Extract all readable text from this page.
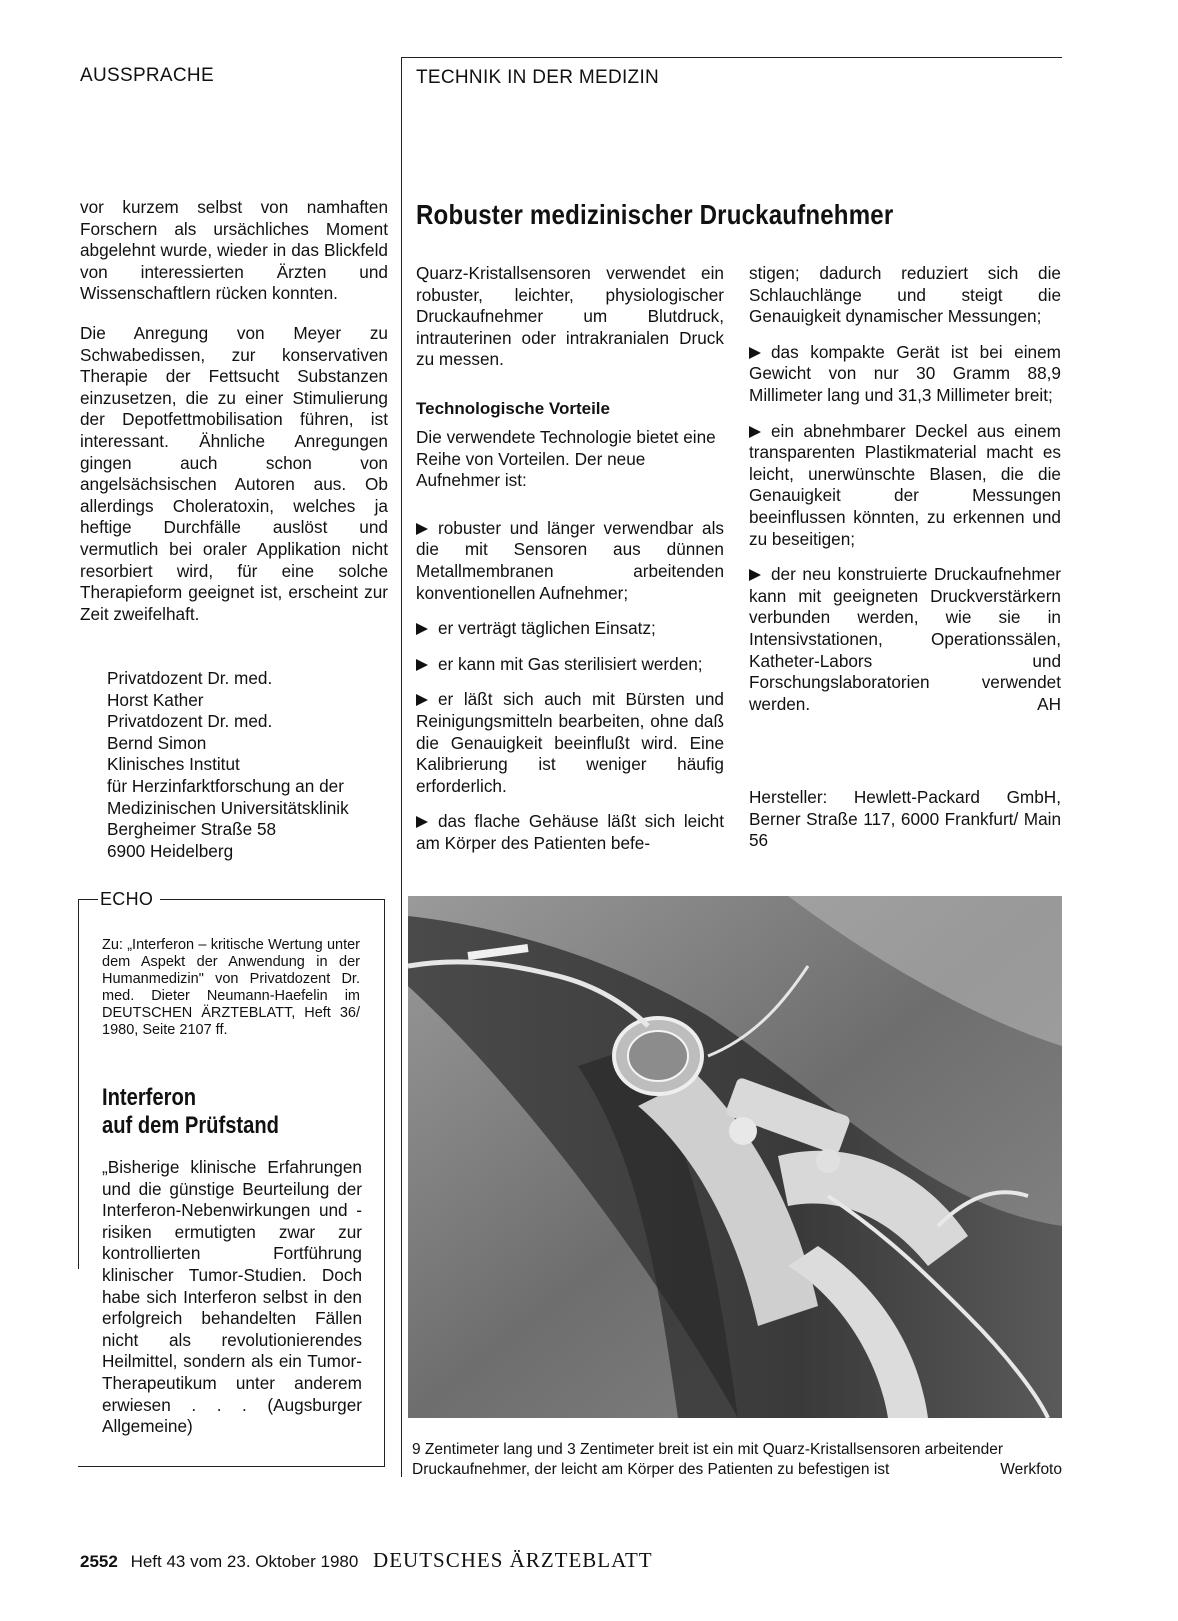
AUSSPRACHE	TECHNIK IN DER MEDIZIN

vor kurzem selbst von namhaften Forschern als ursächliches Moment abgelehnt wurde, wieder in das Blickfeld von interessierten Ärzten und Wissenschaftlern rücken konnten.

Die Anregung von Meyer zu Schwabedissen, zur konservativen Therapie der Fettsucht Substanzen einzusetzen, die zu einer Stimulierung der Depotfettmobilisation führen, ist interessant. Ähnliche Anregungen gingen auch schon von angelsächsischen Autoren aus. Ob allerdings Choleratoxin, welches ja heftige Durchfälle auslöst und vermutlich bei oraler Applikation nicht resorbiert wird, für eine solche Therapieform geeignet ist, erscheint zur Zeit zweifelhaft.

Privatdozent Dr. med.
Horst Kather
Privatdozent Dr. med.
Bernd Simon
Klinisches Institut
für Herzinfarktforschung an der
Medizinischen Universitätsklinik
Bergheimer Straße 58
6900 Heidelberg
ECHO

Zu: „Interferon – kritische Wertung unter dem Aspekt der Anwendung in der Humanmedizin" von Privatdozent Dr. med. Dieter Neumann-Haefelin im DEUTSCHEN ÄRZTEBLATT, Heft 36/ 1980, Seite 2107 ff.

Interferon
auf dem Prüfstand

„Bisherige klinische Erfahrungen und die günstige Beurteilung der Interferon-Nebenwirkungen und -risiken ermutigten zwar zur kontrollierten Fortführung klinischer Tumor-Studien. Doch habe sich Interferon selbst in den erfolgreich behandelten Fällen nicht als revolutionierendes Heilmittel, sondern als ein Tumor-Therapeutikum unter anderem erwiesen . . . (Augsburger Allgemeine)

Robuster medizinischer Druckaufnehmer

Quarz-Kristallsensoren verwendet ein robuster, leichter, physiologischer Druckaufnehmer um Blutdruck, intrauterinen oder intrakranialen Druck zu messen.

Technologische Vorteile

Die verwendete Technologie bietet eine Reihe von Vorteilen. Der neue Aufnehmer ist:

robuster und länger verwendbar als die mit Sensoren aus dünnen Metallmembranen arbeitenden konventionellen Aufnehmer;

er verträgt täglichen Einsatz;

er kann mit Gas sterilisiert werden;

er läßt sich auch mit Bürsten und Reinigungsmitteln bearbeiten, ohne daß die Genauigkeit beeinflußt wird. Eine Kalibrierung ist weniger häufig erforderlich.

das flache Gehäuse läßt sich leicht am Körper des Patienten befe-

stigen; dadurch reduziert sich die Schlauchlänge und steigt die Genauigkeit dynamischer Messungen;

das kompakte Gerät ist bei einem Gewicht von nur 30 Gramm 88,9 Millimeter lang und 31,3 Millimeter breit;

ein abnehmbarer Deckel aus einem transparenten Plastikmaterial macht es leicht, unerwünschte Blasen, die die Genauigkeit der Messungen beeinflussen könnten, zu erkennen und zu beseitigen;

der neu konstruierte Druckaufnehmer kann mit geeigneten Druckverstärkern verbunden werden, wie sie in Intensivstationen, Operationssälen, Katheter-Labors und Forschungslaboratorien verwendet werden.	AH

Hersteller: Hewlett-Packard GmbH, Berner Straße 117, 6000 Frankfurt/ Main 56

9 Zentimeter lang und 3 Zentimeter breit ist ein mit Quarz-Kristallsensoren arbeitender Druckaufnehmer, der leicht am Körper des Patienten zu befestigen ist	Werkfoto
2552 Heft 43 vom 23. Oktober 1980 DEUTSCHES ÄRZTEBLATT
